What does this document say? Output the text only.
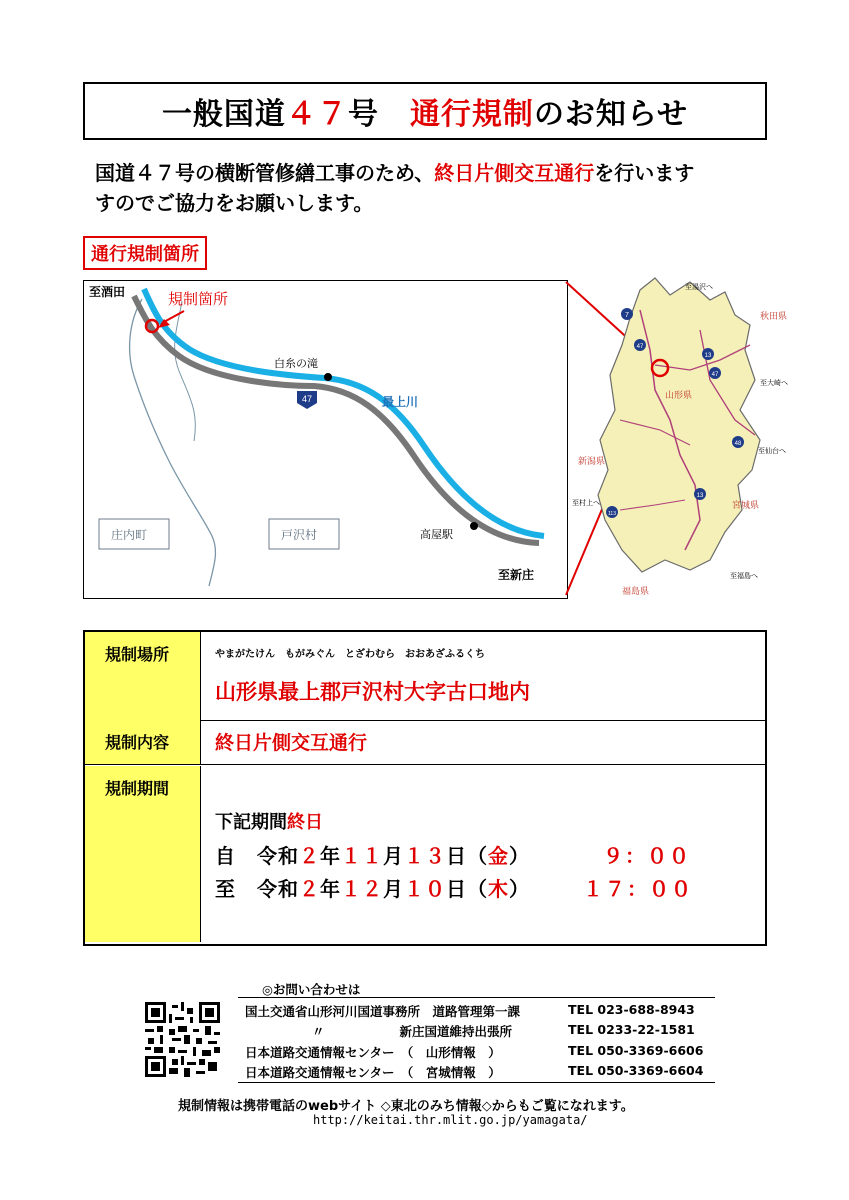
一般国道 ４７ 号　 通行規制 のお知らせ
国道４７号の横断管修繕工事のため、終日片側交互通行を行います
すのでご協力をお願いします。
通行規制箇所
47
至酒田	規制箇所
白糸の滝
最上川
庄内町	戸沢村	高屋駅
至新庄
至湯沢へ
秋田県
山形県
至大崎へ
至仙台へ
新潟県
至村上へ	宮城県
至福島へ
福島県
7
47
13
47
48
13
113
規制場所	やまがたけん　もがみぐん　とざわむら　おおあざふるくち
山形県最上郡戸沢村大字古口地内
規制内容	終日片側交互通行
規制期間
下記期間終日
自　令和２年１１月１３日（金）	９：００
至　令和２年１２月１０日（木）	１７：００
◎お問い合わせは
国土交通省山形河川国道事務所　道路管理第一課	TEL 023-688-8943
〃　　　　　　新庄国道維持出張所	TEL 0233-22-1581
日本道路交通情報センター　（　山形情報　）	TEL 050-3369-6606
日本道路交通情報センター　（　宮城情報　）	TEL 050-3369-6604
規制情報は携帯電話のwebサイト ◇東北のみち情報◇からもご覧になれます。
http://keitai.thr.mlit.go.jp/yamagata/
